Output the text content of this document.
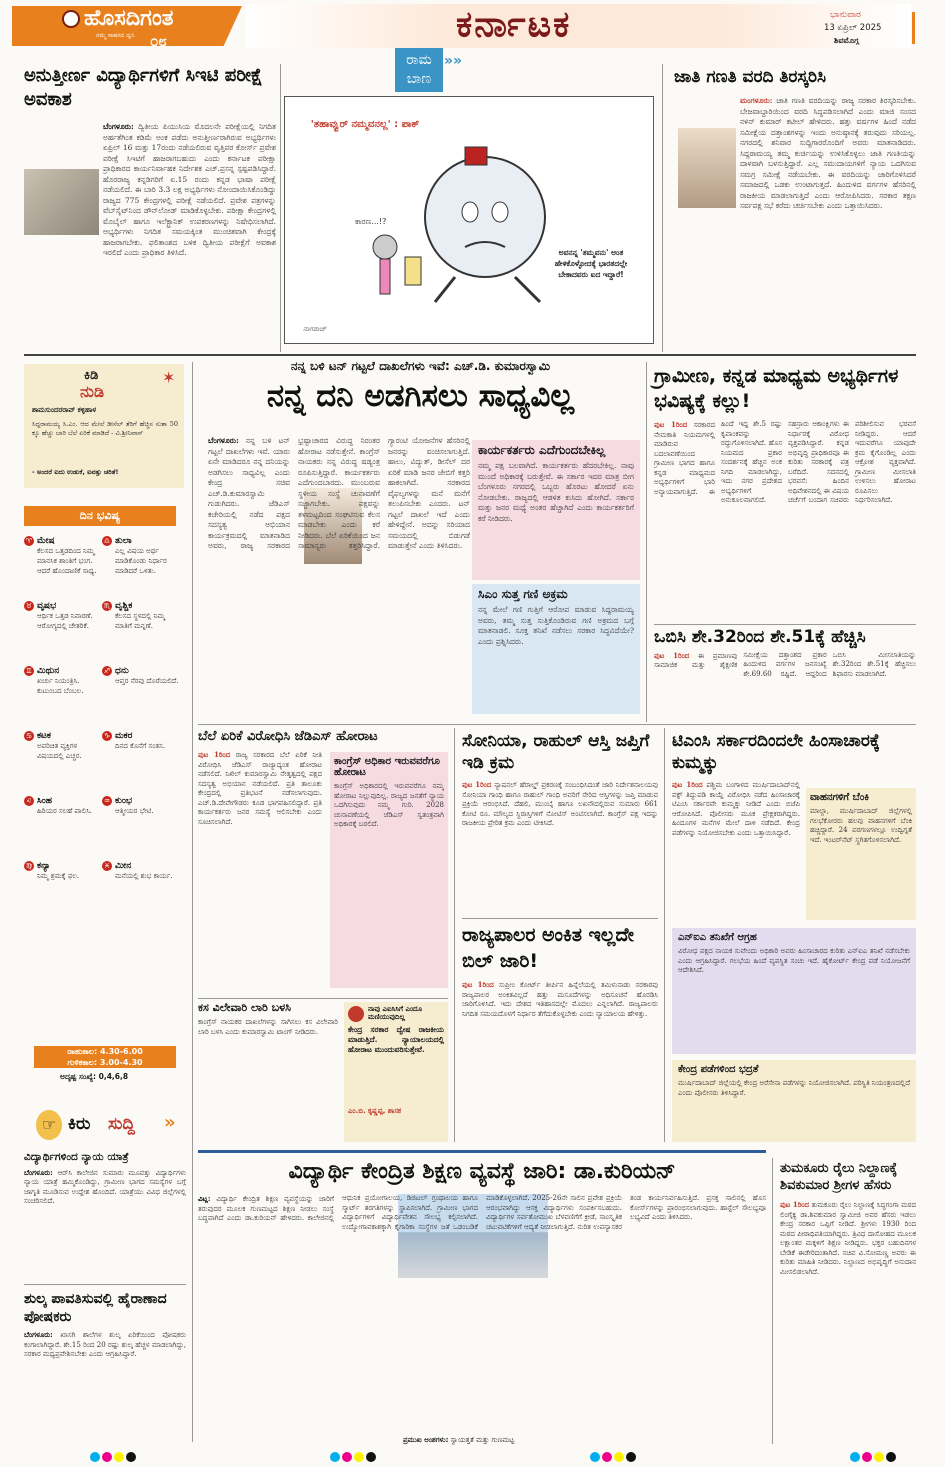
ಹೊಸದಿಗಂತ
ನಮ್ಮ ಸಾಹಸದ ದ್ವನಿ ೦೮	ಕರ್ನಾಟಕ	ಭಾನುವಾರ
13 ಏಪ್ರಿಲ್ 2025
ಶಿವಮೊಗ್ಗ
ರಾಮ
ಬಾಣ
»»
ಅನುತ್ತೀರ್ಣ ವಿದ್ಯಾರ್ಥಿಗಳಿಗೆ ಸಿಇಟಿ ಪರೀಕ್ಷೆ ಅವಕಾಶ
ಬೆಂಗಳೂರು: ದ್ವಿತೀಯ ಪಿಯುಸಿಯ ಮೊದಲನೇ ಪರೀಕ್ಷೆಯಲ್ಲಿ ನಿಗದಿತ ಅರ್ಹತೆಗಿಂತ ಕಡಿಮೆ ಅಂಕ ಪಡೆದು ಅನುತ್ತೀರ್ಣರಾಗಿರುವ ಅಭ್ಯರ್ಥಿಗಳು ಏಪ್ರಿಲ್ 16 ಮತ್ತು 17ರಂದು ನಡೆಯಲಿರುವ ವೃತ್ತಿಪರ ಕೋರ್ಸ್ ಪ್ರವೇಶ ಪರೀಕ್ಷೆ ಸಿಇಟಿಗೆ ಹಾಜರಾಗಬಹುದು ಎಂದು ಕರ್ನಾಟಕ ಪರೀಕ್ಷಾ ಪ್ರಾಧಿಕಾರದ ಕಾರ್ಯನಿರ್ವಾಹಕ ನಿರ್ದೇಶಕ ಎಚ್.ಪ್ರಸನ್ನ ಸ್ಪಷ್ಟಪಡಿಸಿದ್ದಾರೆ. ಹೊರರಾಜ್ಯ ಕನ್ನಡಿಗರಿಗೆ ಏ.15 ರಂದು ಕನ್ನಡ ಭಾಷಾ ಪರೀಕ್ಷೆ ನಡೆಯಲಿದೆ. ಈ ಬಾರಿ 3.3 ಲಕ್ಷ ಅಭ್ಯರ್ಥಿಗಳು ನೋಂದಾಯಿಸಿಕೊಂಡಿದ್ದು ರಾಜ್ಯದ 775 ಕೇಂದ್ರಗಳಲ್ಲಿ ಪರೀಕ್ಷೆ ನಡೆಯಲಿದೆ. ಪ್ರವೇಶ ಪತ್ರಗಳನ್ನು ವೆಬ್‌ಸೈಟ್‌ನಿಂದ ಡೌನ್‌ಲೋಡ್ ಮಾಡಿಕೊಳ್ಳಬೇಕು. ಪರೀಕ್ಷಾ ಕೇಂದ್ರಗಳಲ್ಲಿ ಮೊಬೈಲ್ ಹಾಗೂ ಇಲೆಕ್ಟ್ರಾನಿಕ್ ಉಪಕರಣಗಳನ್ನು ನಿಷೇಧಿಸಲಾಗಿದೆ. ಅಭ್ಯರ್ಥಿಗಳು ನಿಗದಿತ ಸಮಯಕ್ಕಿಂತ ಮುಂಚಿತವಾಗಿ ಕೇಂದ್ರಕ್ಕೆ ಹಾಜರಾಗಬೇಕು. ಫಲಿತಾಂಶದ ಬಳಿಕ ದ್ವಿತೀಯ ಪರೀಕ್ಷೆಗೆ ಅವಕಾಶ ಇರಲಿದೆ ಎಂದು ಪ್ರಾಧಿಕಾರ ತಿಳಿಸಿದೆ.
'ತಹಾವ್ವುರ್ ನಮ್ಮವನಲ್ಲ' : ಪಾಕ್
ಕಾರಣ...!?
ಅವನನ್ನ 'ತಮ್ಮವನು' ಅಂತ ಹೇಳಿಕೊಳ್ಳೋದಕ್ಕೆ ಭಾರತದಲ್ಲೇ ಬೇಕಾದವರು ಐದ ಇದ್ದಾರೆ!
ನಾಗರಾಜ್
ಜಾತಿ ಗಣತಿ ವರದಿ ತಿರಸ್ಕರಿಸಿ
ಮಂಗಳೂರು: ಜಾತಿ ಗಣತಿ ವರದಿಯನ್ನು ರಾಜ್ಯ ಸರಕಾರ ತಿರಸ್ಕರಿಸಬೇಕು. ಬೇಜವಾಬ್ದಾರಿಯಿಂದ ವರದಿ ಸಿದ್ಧಪಡಿಸಲಾಗಿದೆ ಎಂದು ಮಾಜಿ ಸಂಸದ ನಳಿನ್ ಕುಮಾರ್ ಕಟೀಲ್ ಹೇಳಿದರು. ಹತ್ತು ವರ್ಷಗಳ ಹಿಂದೆ ನಡೆದ ಸಮೀಕ್ಷೆಯ ದತ್ತಾಂಶಗಳನ್ನು ಇಂದು ಅನುಷ್ಠಾನಕ್ಕೆ ತರುವುದು ಸರಿಯಲ್ಲ. ನಗರದಲ್ಲಿ ಶನಿವಾರ ಸುದ್ದಿಗಾರರೊಂದಿಗೆ ಅವರು ಮಾತನಾಡಿದರು. ಸಿದ್ದರಾಮಯ್ಯ ತಮ್ಮ ಕುರ್ಚಿಯನ್ನು ಉಳಿಸಿಕೊಳ್ಳಲು ಜಾತಿ ಗಣತಿಯನ್ನು ದಾಳವಾಗಿ ಬಳಸುತ್ತಿದ್ದಾರೆ. ಎಲ್ಲ ಸಮುದಾಯಗಳಿಗೆ ನ್ಯಾಯ ಒದಗಿಸುವ ಸಮಗ್ರ ಸಮೀಕ್ಷೆ ನಡೆಯಬೇಕು. ಈ ವರದಿಯನ್ನು ಜಾರಿಗೊಳಿಸಿದರೆ ಸಮಾಜದಲ್ಲಿ ಒಡಕು ಉಂಟಾಗುತ್ತದೆ. ಹಿಂದುಳಿದ ವರ್ಗಗಳ ಹೆಸರಿನಲ್ಲಿ ರಾಜಕೀಯ ಮಾಡಲಾಗುತ್ತಿದೆ ಎಂದು ಆರೋಪಿಸಿದರು. ಸರಕಾರ ತಕ್ಷಣ ಸರ್ವಪಕ್ಷ ಸಭೆ ಕರೆದು ಚರ್ಚಿಸಬೇಕು ಎಂದು ಒತ್ತಾಯಿಸಿದರು.
ಕಿಡಿ
ನುಡಿ
✶
ಶಾಮಸುಂದರರಾವ್ ಕಳ್ಳಿಹಾಳ
ಸಿದ್ದರಾಮಯ್ಯ ಸಿ.ಎಂ. ಆದ ಮೇಲೆ ಡೀಸೆಲ್ ತೆರಿಗೆ ಹೆಚ್ಚಿಸ ಸುತಾ 50 ಕ್ಕೂ ಹೆಚ್ಚು ಬಾರಿ ಬೆಲೆ ಏರಿಕೆ ಮಾಡಿದೆ - ವಿ.ಶ್ರೀನಿವಾಸ್
- ಅಂದರೆ ಐದು ಉಡುಕೆ, ಐವತ್ತು ಚರಿತೆ!
ದಿನ ಭವಿಷ್ಯ
♈ ಮೇಷ
ಕೆಲಸದ ಒತ್ತಡದಿಂದ ನಿಮ್ಮ ಮಾನಸಿಕ ಶಾಂತಿಗೆ ಭಂಗ. ಆದರೆ ಹೊಂದಾಣಿಕೆ ಸಾಧ್ಯ.
♎ ತುಲಾ
ಎಲ್ಲ ವಿಷಯ ಅರ್ಥ ಮಾಡಿಕೊಂಡು ನಿರ್ಧಾರ ಮಾಡಿದರೆ ಒಳಿತು.
♉ ವೃಷಭ
ಆರ್ಥಿಕ ಒತ್ತಡ ನಿವಾರಣೆ. ಆರೋಗ್ಯದಲ್ಲಿ ಚೇತರಿಕೆ.
♏ ವೃಶ್ಚಿಕ
ಕೆಲಸದ ಸ್ಥಳದಲ್ಲಿ ನಿಮ್ಮ ಮಾತಿಗೆ ಮನ್ನಣೆ.
♊ ಮಿಥುನ
ಖರ್ಚು ನಿಯಂತ್ರಿಸಿ. ಕುಟುಂಬದ ಬೆಂಬಲ.
♐ ಧನು
ಆಪ್ತರ ನೆರವು ದೊರೆಯಲಿದೆ.
♋ ಕಟಕ
ಅಪರಿಚಿತ ವ್ಯಕ್ತಿಗಳ ವಿಷಯದಲ್ಲಿ ಎಚ್ಚರ.
♑ ಮಕರ
ದಿನದ ಕೊನೆಗೆ ಸಂತಸ.
♌ ಸಿಂಹ
ಹಿರಿಯರ ಸಲಹೆ ಪಾಲಿಸಿ.
♒ ಕುಂಭ
ಆತ್ಮೀಯರ ಭೇಟಿ.
♍ ಕನ್ಯಾ
ನಿಮ್ಮ ಶ್ರಮಕ್ಕೆ ಫಲ.
♓ ಮೀನ
ಮನೆಯಲ್ಲಿ ಶುಭ ಕಾರ್ಯ.
ರಾಹುಕಾಲ: 4.30-6.00
ಗುಳಿಕಕಾಲ: 3.00-4.30
ಅದೃಷ್ಟ ಸಂಖ್ಯೆ: 0,4,6,8
☞ ಕಿರು ಸುದ್ದಿ »
ವಿದ್ಯಾರ್ಥಿಗಳಿಂದ ನ್ಯಾಯ ಯಾತ್ರೆ
ಬೆಂಗಳೂರು: ಆರ್‌ಸಿ ಕಾಲೇಜಿನ ಸುಮಾರು ಮೂವತ್ತು ವಿದ್ಯಾರ್ಥಿಗಳು ನ್ಯಾಯ ಯಾತ್ರೆ ಹಮ್ಮಿಕೊಂಡಿದ್ದು, ಗ್ರಾಮೀಣ ಭಾಗದ ಸಮಸ್ಯೆಗಳ ಬಗ್ಗೆ ಜಾಗೃತಿ ಮೂಡಿಸುವ ಉದ್ದೇಶ ಹೊಂದಿದೆ. ಯಾತ್ರೆಯು ವಿವಿಧ ಜಿಲ್ಲೆಗಳಲ್ಲಿ ಸಂಚರಿಸಲಿದೆ.
ಶುಲ್ಕ ಪಾವತಿಸುವಲ್ಲಿ ಹೈರಾಣಾದ ಪೋಷಕರು
ಬೆಂಗಳೂರು: ಖಾಸಗಿ ಶಾಲೆಗಳ ಶುಲ್ಕ ಏರಿಕೆಯಿಂದ ಪೋಷಕರು ಕಂಗಾಲಾಗಿದ್ದಾರೆ. ಶೇ.15 ರಿಂದ 20 ರಷ್ಟು ಶುಲ್ಕ ಹೆಚ್ಚಳ ಮಾಡಲಾಗಿದ್ದು, ಸರಕಾರ ಮಧ್ಯಪ್ರವೇಶಿಸಬೇಕು ಎಂದು ಆಗ್ರಹಿಸಿದ್ದಾರೆ.
ನನ್ನ ಬಳಿ ಟನ್ ಗಟ್ಟಲೆ ದಾಖಲೆಗಳು ಇವೆ: ಎಚ್.ಡಿ. ಕುಮಾರಸ್ವಾಮಿ
ನನ್ನ ದನಿ ಅಡಗಿಸಲು ಸಾಧ್ಯವಿಲ್ಲ
ಬೆಂಗಳೂರು: ನನ್ನ ಬಳಿ ಟನ್ ಗಟ್ಟಲೆ ದಾಖಲೆಗಳು ಇವೆ. ಯಾರು ಏನೇ ಮಾಡಿದರೂ ನನ್ನ ದನಿಯನ್ನು ಅಡಗಿಸಲು ಸಾಧ್ಯವಿಲ್ಲ ಎಂದು ಕೇಂದ್ರ ಸಚಿವ ಎಚ್.ಡಿ.ಕುಮಾರಸ್ವಾಮಿ ಗುಡುಗಿದರು. ಜೆಡಿಎಸ್ ಕಚೇರಿಯಲ್ಲಿ ನಡೆದ ಪಕ್ಷದ ಸದಸ್ಯತ್ವ ಅಭಿಯಾನ ಕಾರ್ಯಕ್ರಮದಲ್ಲಿ ಮಾತನಾಡಿದ ಅವರು, ರಾಜ್ಯ ಸರಕಾರದ ಭ್ರಷ್ಟಾಚಾರದ ವಿರುದ್ಧ ನಿರಂತರ ಹೋರಾಟ ನಡೆಸುತ್ತೇನೆ. ಕಾಂಗ್ರೆಸ್ ನಾಯಕರು ನನ್ನ ವಿರುದ್ಧ ಷಡ್ಯಂತ್ರ ರೂಪಿಸುತ್ತಿದ್ದಾರೆ. ಕಾರ್ಯಕರ್ತರು ಎದೆಗುಂದಬಾರದು. ಮುಂಬರುವ ಸ್ಥಳೀಯ ಸಂಸ್ಥೆ ಚುನಾವಣೆಗೆ ಸಜ್ಜಾಗಬೇಕು. ಪಕ್ಷವನ್ನು ತಳಮಟ್ಟದಿಂದ ಸಂಘಟಿಸುವ ಕೆಲಸ ಮಾಡಬೇಕು ಎಂದು ಕರೆ ನೀಡಿದರು. ಬೆಲೆ ಏರಿಕೆಯಿಂದ ಜನ ಸಾಮಾನ್ಯರು ತತ್ತರಿಸಿದ್ದಾರೆ. ಗ್ಯಾರಂಟಿ ಯೋಜನೆಗಳ ಹೆಸರಿನಲ್ಲಿ ಜನರನ್ನು ವಂಚಿಸಲಾಗುತ್ತಿದೆ. ಹಾಲು, ವಿದ್ಯುತ್, ಡೀಸೆಲ್ ದರ ಏರಿಕೆ ಮಾಡಿ ಜನರ ಜೇಬಿಗೆ ಕತ್ತರಿ ಹಾಕಲಾಗಿದೆ. ಸರಕಾರದ ವೈಫಲ್ಯಗಳನ್ನು ಮನೆ ಮನೆಗೆ ತಲುಪಿಸಬೇಕು ಎಂದರು. ಟನ್ ಗಟ್ಟಲೆ ದಾಖಲೆ ಇದೆ ಎಂದು ಹೇಳಿದ್ದೇನೆ. ಅದನ್ನು ಸರಿಯಾದ ಸಮಯದಲ್ಲಿ ಬಿಡುಗಡೆ ಮಾಡುತ್ತೇನೆ ಎಂದು ತಿಳಿಸಿದರು.
ಕಾರ್ಯಕರ್ತರು ಎದೆಗುಂದಬೇಕಿಲ್ಲ
ನಮ್ಮ ಪಕ್ಷ ಬಲವಾಗಿದೆ. ಕಾರ್ಯಕರ್ತರು ಹೆದರಬೇಕಿಲ್ಲ. ನಾವು ಮುಂದೆ ಅಧಿಕಾರಕ್ಕೆ ಬರುತ್ತೇವೆ. ಈ ಸರ್ಕಾರ ಇದರ ಮಾತ್ರ ಬೀಗ ಬೆಂಗಳೂರು ನಗರದಲ್ಲಿ ಒಬ್ಬರು ಹೊರಟು ಹೋದರೆ ಏನು ನೋಡಬೇಕು. ರಾಜ್ಯದಲ್ಲಿ ಆಡಳಿತ ಕುಸಿದು ಹೋಗಿದೆ. ಸರ್ಕಾರ ಮತ್ತು ಜನರ ಮಧ್ಯೆ ಅಂತರ ಹೆಚ್ಚಾಗಿದೆ ಎಂದು ಕಾರ್ಯಕರ್ತರಿಗೆ ಕರೆ ನೀಡಿದರು.
ಸಿಎಂ ಸುತ್ತ ಗಣಿ ಅಕ್ರಮ
ನನ್ನ ಮೇಲೆ ಗಣಿ ಗುತ್ತಿಗೆ ಆರೋಪ ಮಾಡುವ ಸಿದ್ದರಾಮಯ್ಯ ಅವರು, ತಮ್ಮ ಸುತ್ತ ಸುತ್ತಿಕೊಂಡಿರುವ ಗಣಿ ಅಕ್ರಮದ ಬಗ್ಗೆ ಮಾತನಾಡಲಿ. ಸೂಕ್ತ ತನಿಖೆ ನಡೆಸಲು ಸರಕಾರ ಸಿದ್ಧವಿದೆಯೇ? ಎಂದು ಪ್ರಶ್ನಿಸಿದರು.
ಗ್ರಾಮೀಣ, ಕನ್ನಡ ಮಾಧ್ಯಮ ಅಭ್ಯರ್ಥಿಗಳ ಭವಿಷ್ಯಕ್ಕೆ ಕಲ್ಲು!
ಪುಟ 1ರಿಂದ ಸರಕಾರದ ನೇಮಕಾತಿ ನಿಯಮಗಳಲ್ಲಿ ಮಾಡಿರುವ ಬದಲಾವಣೆಯಿಂದ ಗ್ರಾಮೀಣ ಭಾಗದ ಹಾಗೂ ಕನ್ನಡ ಮಾಧ್ಯಮದ ಅಭ್ಯರ್ಥಿಗಳಿಗೆ ಭಾರಿ ಅನ್ಯಾಯವಾಗುತ್ತಿದೆ. ಈ ಹಿಂದೆ ಇದ್ದ ಶೇ.5 ರಷ್ಟು ಕೃಪಾಂಕವನ್ನು ರದ್ದುಗೊಳಿಸಲಾಗಿದೆ. ಹೊಸ ನಿಯಮದ ಪ್ರಕಾರ ಸಂದರ್ಶನಕ್ಕೆ ಹೆಚ್ಚಿನ ಅಂಕ ನಿಗದಿ ಮಾಡಲಾಗಿದ್ದು, ಇದು ನಗರ ಪ್ರದೇಶದ ಅಭ್ಯರ್ಥಿಗಳಿಗೆ ಅನುಕೂಲವಾಗಲಿದೆ. ಸಹಸ್ರಾರು ಆಕಾಂಕ್ಷಿಗಳು ಈ ನಿರ್ಧಾರಕ್ಕೆ ವಿರೋಧ ವ್ಯಕ್ತಪಡಿಸಿದ್ದಾರೆ. ಕನ್ನಡ ಅಭಿವೃದ್ಧಿ ಪ್ರಾಧಿಕಾರವೂ ಈ ಕುರಿತು ಸರಕಾರಕ್ಕೆ ಪತ್ರ ಬರೆದಿದೆ. ಸದನದಲ್ಲಿ ಭರವಸೆ: ಹಿಂದಿನ ಅಧಿವೇಶನದಲ್ಲಿ ಈ ವಿಷಯ ಚರ್ಚೆಗೆ ಬಂದಾಗ ಸಚಿವರು ಪರಿಶೀಲಿಸುವ ಭರವಸೆ ನೀಡಿದ್ದರು. ಆದರೆ ಇದುವರೆಗೂ ಯಾವುದೇ ಕ್ರಮ ಕೈಗೊಂಡಿಲ್ಲ ಎಂದು ಆಕ್ರೋಶ ವ್ಯಕ್ತವಾಗಿದೆ. ಗ್ರಾಮೀಣ ಮೀಸಲಾತಿ ಉಳಿಸಲು ಹೋರಾಟ ರೂಪಿಸಲು ನಿರ್ಧರಿಸಲಾಗಿದೆ.
ಒಬಿಸಿ ಶೇ.32ರಿಂದ ಶೇ.51ಕ್ಕೆ ಹೆಚ್ಚಿಸಿ
ಪುಟ 1ರಿಂದ ಈ ಪ್ರಮಾಣವು ಸಾಮಾಜಿಕ ಮತ್ತು ಶೈಕ್ಷಣಿಕ ಸಮೀಕ್ಷೆಯ ದತ್ತಾಂಶದ ಪ್ರಕಾರ ಹಿಂದುಳಿದ ವರ್ಗಗಳ ಜನಸಂಖ್ಯೆ ಶೇ.69.60 ರಷ್ಟಿದೆ. ಆದ್ದರಿಂದ ಒಬಿಸಿ ಮೀಸಲಾತಿಯನ್ನು ಶೇ.32ರಿಂದ ಶೇ.51ಕ್ಕೆ ಹೆಚ್ಚಿಸಲು ಶಿಫಾರಸು ಮಾಡಲಾಗಿದೆ.
ಬೆಲೆ ಏರಿಕೆ ವಿರೋಧಿಸಿ ಜೆಡಿಎಸ್ ಹೋರಾಟ
ಪುಟ 1ರಿಂದ ರಾಜ್ಯ ಸರಕಾರದ ಬೆಲೆ ಏರಿಕೆ ನೀತಿ ವಿರೋಧಿಸಿ ಜೆಡಿಎಸ್ ರಾಜ್ಯಾದ್ಯಂತ ಹೋರಾಟ ನಡೆಸಲಿದೆ. ನಿಖಿಲ್ ಕುಮಾರಸ್ವಾಮಿ ನೇತೃತ್ವದಲ್ಲಿ ಪಕ್ಷದ ಸದಸ್ಯತ್ವ ಅಭಿಯಾನ ನಡೆಯಲಿದೆ. ಪ್ರತಿ ತಾಲೂಕು ಕೇಂದ್ರದಲ್ಲಿ ಪ್ರತಿಭಟನೆ ನಡೆಸಲಾಗುವುದು. ಎಚ್.ಡಿ.ದೇವೇಗೌಡರು ಕೂಡ ಭಾಗವಹಿಸಲಿದ್ದಾರೆ. ಪ್ರತಿ ಕಾರ್ಯಕರ್ತರು ಜನರ ಸಮಸ್ಯೆ ಆಲಿಸಬೇಕು ಎಂದು ಸೂಚಿಸಲಾಗಿದೆ.
ಕಾಂಗ್ರೆಸ್ ಅಧಿಕಾರ ಇರುವವರೆಗೂ ಹೋರಾಟ
ಕಾಂಗ್ರೆಸ್ ಅಧಿಕಾರದಲ್ಲಿ ಇರುವವರೆಗೂ ನಮ್ಮ ಹೋರಾಟ ನಿಲ್ಲುವುದಿಲ್ಲ. ರಾಜ್ಯದ ಜನತೆಗೆ ನ್ಯಾಯ ಒದಗಿಸುವುದು ನಮ್ಮ ಗುರಿ. 2028 ಚುನಾವಣೆಯಲ್ಲಿ ಜೆಡಿಎಸ್ ಸ್ವತಂತ್ರವಾಗಿ ಅಧಿಕಾರಕ್ಕೆ ಬರಲಿದೆ.
ಕಸ ವಿಲೇವಾರಿ ಲಾರಿ ಬಳಸಿ
ಕಾಂಗ್ರೆಸ್ ನಾಯಕರ ದಾಖಲೆಗಳನ್ನು ಸಾಗಿಸಲು ಕಸ ವಿಲೇವಾರಿ ಲಾರಿ ಬಳಸಿ ಎಂದು ಕುಮಾರಸ್ವಾಮಿ ಟಾಂಗ್ ನೀಡಿದರು.
ನಾವು ಎಐಸಿಸಿಗೆ ಎಂದೂ ಮಣಿಯುವುದಿಲ್ಲ
ಕೇಂದ್ರ ಸರಕಾರ ದ್ವೇಷ ರಾಜಕೀಯ ಮಾಡುತ್ತಿದೆ. ನ್ಯಾಯಾಲಯದಲ್ಲಿ ಹೋರಾಟ ಮುಂದುವರಿಸುತ್ತೇವೆ.
ಎಂ.ಬಿ. ಕೃಷ್ಣಪ್ಪ, ಶಾಸಕ
ಸೋನಿಯಾ, ರಾಹುಲ್ ಆಸ್ತಿ ಜಪ್ತಿಗೆ ಇಡಿ ಕ್ರಮ
ಪುಟ 1ರಿಂದ ನ್ಯಾಷನಲ್ ಹೆರಾಲ್ಡ್ ಪ್ರಕರಣಕ್ಕೆ ಸಂಬಂಧಿಸಿದಂತೆ ಜಾರಿ ನಿರ್ದೇಶನಾಲಯವು ಸೋನಿಯಾ ಗಾಂಧಿ ಹಾಗೂ ರಾಹುಲ್ ಗಾಂಧಿ ಅವರಿಗೆ ಸೇರಿದ ಆಸ್ತಿಗಳನ್ನು ಜಪ್ತಿ ಮಾಡುವ ಪ್ರಕ್ರಿಯೆ ಆರಂಭಿಸಿದೆ. ದೆಹಲಿ, ಮುಂಬೈ ಹಾಗೂ ಲಖನೌದಲ್ಲಿರುವ ಸುಮಾರು 661 ಕೋಟಿ ರೂ. ಮೌಲ್ಯದ ಸ್ಥಿರಾಸ್ತಿಗಳಿಗೆ ನೋಟಿಸ್ ಅಂಟಿಸಲಾಗಿದೆ. ಕಾಂಗ್ರೆಸ್ ಪಕ್ಷ ಇದನ್ನು ರಾಜಕೀಯ ಪ್ರೇರಿತ ಕ್ರಮ ಎಂದು ಟೀಕಿಸಿದೆ.
ರಾಜ್ಯಪಾಲರ ಅಂಕಿತ ಇಲ್ಲದೇ ಬಿಲ್ ಜಾರಿ!
ಪುಟ 1ರಿಂದ ಸುಪ್ರೀಂ ಕೋರ್ಟ್ ತೀರ್ಪಿನ ಹಿನ್ನೆಲೆಯಲ್ಲಿ ತಮಿಳುನಾಡು ಸರಕಾರವು ರಾಜ್ಯಪಾಲರ ಅಂಕಿತವಿಲ್ಲದೆ ಹತ್ತು ಮಸೂದೆಗಳನ್ನು ಅಧಿಸೂಚನೆ ಹೊರಡಿಸಿ ಜಾರಿಗೊಳಿಸಿದೆ. ಇದು ದೇಶದ ಇತಿಹಾಸದಲ್ಲೇ ಮೊದಲು ಎನ್ನಲಾಗಿದೆ. ರಾಜ್ಯಪಾಲರು ನಿಗದಿತ ಸಮಯದೊಳಗೆ ನಿರ್ಧಾರ ತೆಗೆದುಕೊಳ್ಳಬೇಕು ಎಂದು ನ್ಯಾಯಾಲಯ ಹೇಳಿತ್ತು.
ಟಿಎಂಸಿ ಸರ್ಕಾರದಿಂದಲೇ ಹಿಂಸಾಚಾರಕ್ಕೆ ಕುಮ್ಮಕ್ಕು
ಪುಟ 1ರಿಂದ ಪಶ್ಚಿಮ ಬಂಗಾಳದ ಮುರ್ಷಿದಾಬಾದ್‌ನಲ್ಲಿ ವಕ್ಫ್ ತಿದ್ದುಪಡಿ ಕಾಯ್ದೆ ವಿರೋಧಿಸಿ ನಡೆದ ಹಿಂಸಾಚಾರಕ್ಕೆ ಟಿಎಂಸಿ ಸರ್ಕಾರವೇ ಕುಮ್ಮಕ್ಕು ನೀಡಿದೆ ಎಂದು ಬಿಜೆಪಿ ಆರೋಪಿಸಿದೆ. ಪೊಲೀಸರು ಮೂಕ ಪ್ರೇಕ್ಷಕರಾಗಿದ್ದರು. ಹಿಂದೂಗಳ ಮನೆಗಳ ಮೇಲೆ ದಾಳಿ ನಡೆದಿದೆ. ಕೇಂದ್ರ ಪಡೆಗಳನ್ನು ನಿಯೋಜಿಸಬೇಕು ಎಂದು ಒತ್ತಾಯಿಸಿದ್ದಾರೆ.
ವಾಹನಗಳಿಗೆ ಬೆಂಕಿ
ಮಾಲ್ದಾ, ಮುರ್ಷಿದಾಬಾದ್ ಜಿಲ್ಲೆಗಳಲ್ಲಿ ಗಲಭೆಕೋರರು ಹಲವು ವಾಹನಗಳಿಗೆ ಬೆಂಕಿ ಹಚ್ಚಿದ್ದಾರೆ. 24 ಪರಗಣಗಳಲ್ಲೂ ಉದ್ವಿಗ್ನತೆ ಇದೆ. ಇಂಟರ್‌ನೆಟ್ ಸ್ಥಗಿತಗೊಳಿಸಲಾಗಿದೆ.
ಎನ್‌ಐಎ ತನಿಖೆಗೆ ಆಗ್ರಹ
ವಿರೋಧ ಪಕ್ಷದ ನಾಯಕ ಸುವೇಂದು ಅಧಿಕಾರಿ ಅವರು ಹಿಂಸಾಚಾರದ ಕುರಿತು ಎನ್‌ಐಎ ತನಿಖೆ ನಡೆಸಬೇಕು ಎಂದು ಆಗ್ರಹಿಸಿದ್ದಾರೆ. ಗಲಭೆಯ ಹಿಂದೆ ವ್ಯವಸ್ಥಿತ ಸಂಚು ಇದೆ. ಹೈಕೋರ್ಟ್ ಕೇಂದ್ರ ಪಡೆ ನಿಯೋಜನೆಗೆ ಆದೇಶಿಸಿದೆ.
ಕೇಂದ್ರ ಪಡೆಗಳಿಂದ ಭದ್ರತೆ
ಮುರ್ಷಿದಾಬಾದ್ ಜಿಲ್ಲೆಯಲ್ಲಿ ಕೇಂದ್ರ ಅರೆಸೇನಾ ಪಡೆಗಳನ್ನು ನಿಯೋಜಿಸಲಾಗಿದೆ. ಪರಿಸ್ಥಿತಿ ನಿಯಂತ್ರಣದಲ್ಲಿದೆ ಎಂದು ಪೊಲೀಸರು ತಿಳಿಸಿದ್ದಾರೆ.
ವಿದ್ಯಾರ್ಥಿ ಕೇಂದ್ರಿತ ಶಿಕ್ಷಣ ವ್ಯವಸ್ಥೆ ಜಾರಿ: ಡಾ.ಕುರಿಯನ್
ವಿಟ್ಲ: ವಿದ್ಯಾರ್ಥಿ ಕೇಂದ್ರಿತ ಶಿಕ್ಷಣ ವ್ಯವಸ್ಥೆಯನ್ನು ಜಾರಿಗೆ ತರುವುದರ ಮೂಲಕ ಗುಣಮಟ್ಟದ ಶಿಕ್ಷಣ ನೀಡಲು ಸಂಸ್ಥೆ ಬದ್ಧವಾಗಿದೆ ಎಂದು ಡಾ.ಕುರಿಯನ್ ಹೇಳಿದರು. ಕಾಲೇಜಿನಲ್ಲಿ ಆಧುನಿಕ ಪ್ರಯೋಗಾಲಯ, ಡಿಜಿಟಲ್ ಗ್ರಂಥಾಲಯ ಹಾಗೂ ಸ್ಮಾರ್ಟ್ ತರಗತಿಗಳನ್ನು ಸ್ಥಾಪಿಸಲಾಗಿದೆ. ಗ್ರಾಮೀಣ ಭಾಗದ ವಿದ್ಯಾರ್ಥಿಗಳಿಗೆ ವಿದ್ಯಾರ್ಥಿವೇತನ ಸೌಲಭ್ಯ ಕಲ್ಪಿಸಲಾಗಿದೆ. ಉದ್ಯೋಗಾವಕಾಶಕ್ಕಾಗಿ ಕೈಗಾರಿಕಾ ಸಂಸ್ಥೆಗಳ ಜತೆ ಒಡಂಬಡಿಕೆ ಮಾಡಿಕೊಳ್ಳಲಾಗಿದೆ. 2025-26ನೇ ಸಾಲಿನ ಪ್ರವೇಶ ಪ್ರಕ್ರಿಯೆ ಆರಂಭವಾಗಿದ್ದು ಆಸಕ್ತ ವಿದ್ಯಾರ್ಥಿಗಳು ಸಂಪರ್ಕಿಸಬಹುದು. ವಿದ್ಯಾರ್ಥಿಗಳ ಸರ್ವತೋಮುಖ ಬೆಳವಣಿಗೆಗೆ ಕ್ರೀಡೆ, ಸಾಂಸ್ಕೃತಿಕ ಚಟುವಟಿಕೆಗಳಿಗೆ ಆದ್ಯತೆ ನೀಡಲಾಗುತ್ತಿದೆ. ನುರಿತ ಉಪನ್ಯಾಸಕರ ತಂಡ ಕಾರ್ಯನಿರ್ವಹಿಸುತ್ತಿದೆ. ಪ್ರಸಕ್ತ ಸಾಲಿನಲ್ಲಿ ಹೊಸ ಕೋರ್ಸ್‌ಗಳನ್ನು ಪ್ರಾರಂಭಿಸಲಾಗುವುದು. ಹಾಸ್ಟೆಲ್ ಸೌಲಭ್ಯವೂ ಲಭ್ಯವಿದೆ ಎಂದು ತಿಳಿಸಿದರು.
ಪ್ರಮುಖ ಅಂಶಗಳು: ಸ್ವಾಯತ್ತತೆ ಮತ್ತು ಗುಣಮಟ್ಟ
ತುಮಕೂರು ರೈಲು ನಿಲ್ದಾಣಕ್ಕೆ ಶಿವಕುಮಾರ ಶ್ರೀಗಳ ಹೆಸರು
ಪುಟ 1ರಿಂದ ತುಮಕೂರು ರೈಲು ನಿಲ್ದಾಣಕ್ಕೆ ಸಿದ್ಧಗಂಗಾ ಮಠದ ಲಿಂಗೈಕ್ಯ ಡಾ.ಶಿವಕುಮಾರ ಸ್ವಾಮೀಜಿ ಅವರ ಹೆಸರು ಇಡಲು ಕೇಂದ್ರ ಸರಕಾರ ಒಪ್ಪಿಗೆ ನೀಡಿದೆ. ಶ್ರೀಗಳು 1930 ರಿಂದ ಮಠದ ಪೀಠಾಧಿಪತಿಯಾಗಿದ್ದರು. ತ್ರಿವಿಧ ದಾಸೋಹದ ಮೂಲಕ ಲಕ್ಷಾಂತರ ಮಕ್ಕಳಿಗೆ ಶಿಕ್ಷಣ ನೀಡಿದ್ದರು. ಭಕ್ತರ ಬಹುದಿನಗಳ ಬೇಡಿಕೆ ಈಡೇರಿದಂತಾಗಿದೆ. ಸಚಿವ ವಿ.ಸೋಮಣ್ಣ ಅವರು ಈ ಕುರಿತು ಮಾಹಿತಿ ನೀಡಿದರು. ನಿಲ್ದಾಣದ ಅಭಿವೃದ್ಧಿಗೆ ಅನುದಾನ ಮೀಸಲಿಡಲಾಗಿದೆ.
